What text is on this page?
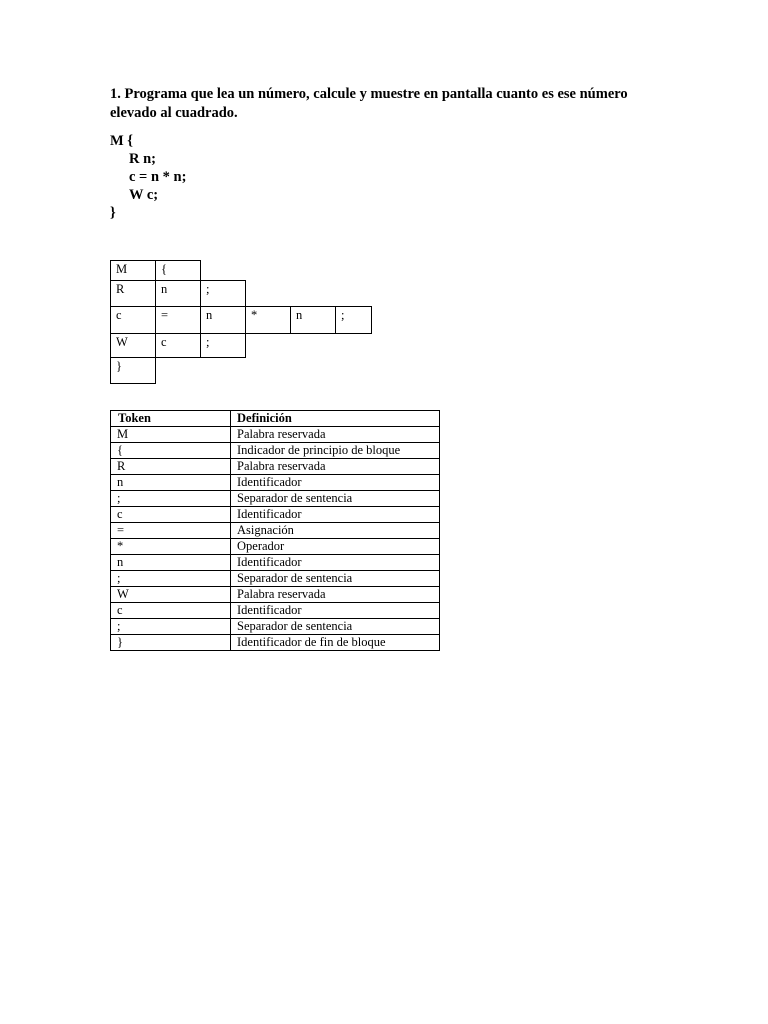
1. Programa que lea un número, calcule y muestre en pantalla cuanto es ese número elevado al cuadrado.

M {
R n;
c = n * n;
W c;
}
M	{
R	n	;
c	=	n	*	n	;
W	c	;
}
Token	Definición
M	Palabra reservada
{	Indicador de principio de bloque
R	Palabra reservada
n	Identificador
;	Separador de sentencia
c	Identificador
=	Asignación
*	Operador
n	Identificador
;	Separador de sentencia
W	Palabra reservada
c	Identificador
;	Separador de sentencia
}	Identificador de fin de bloque
